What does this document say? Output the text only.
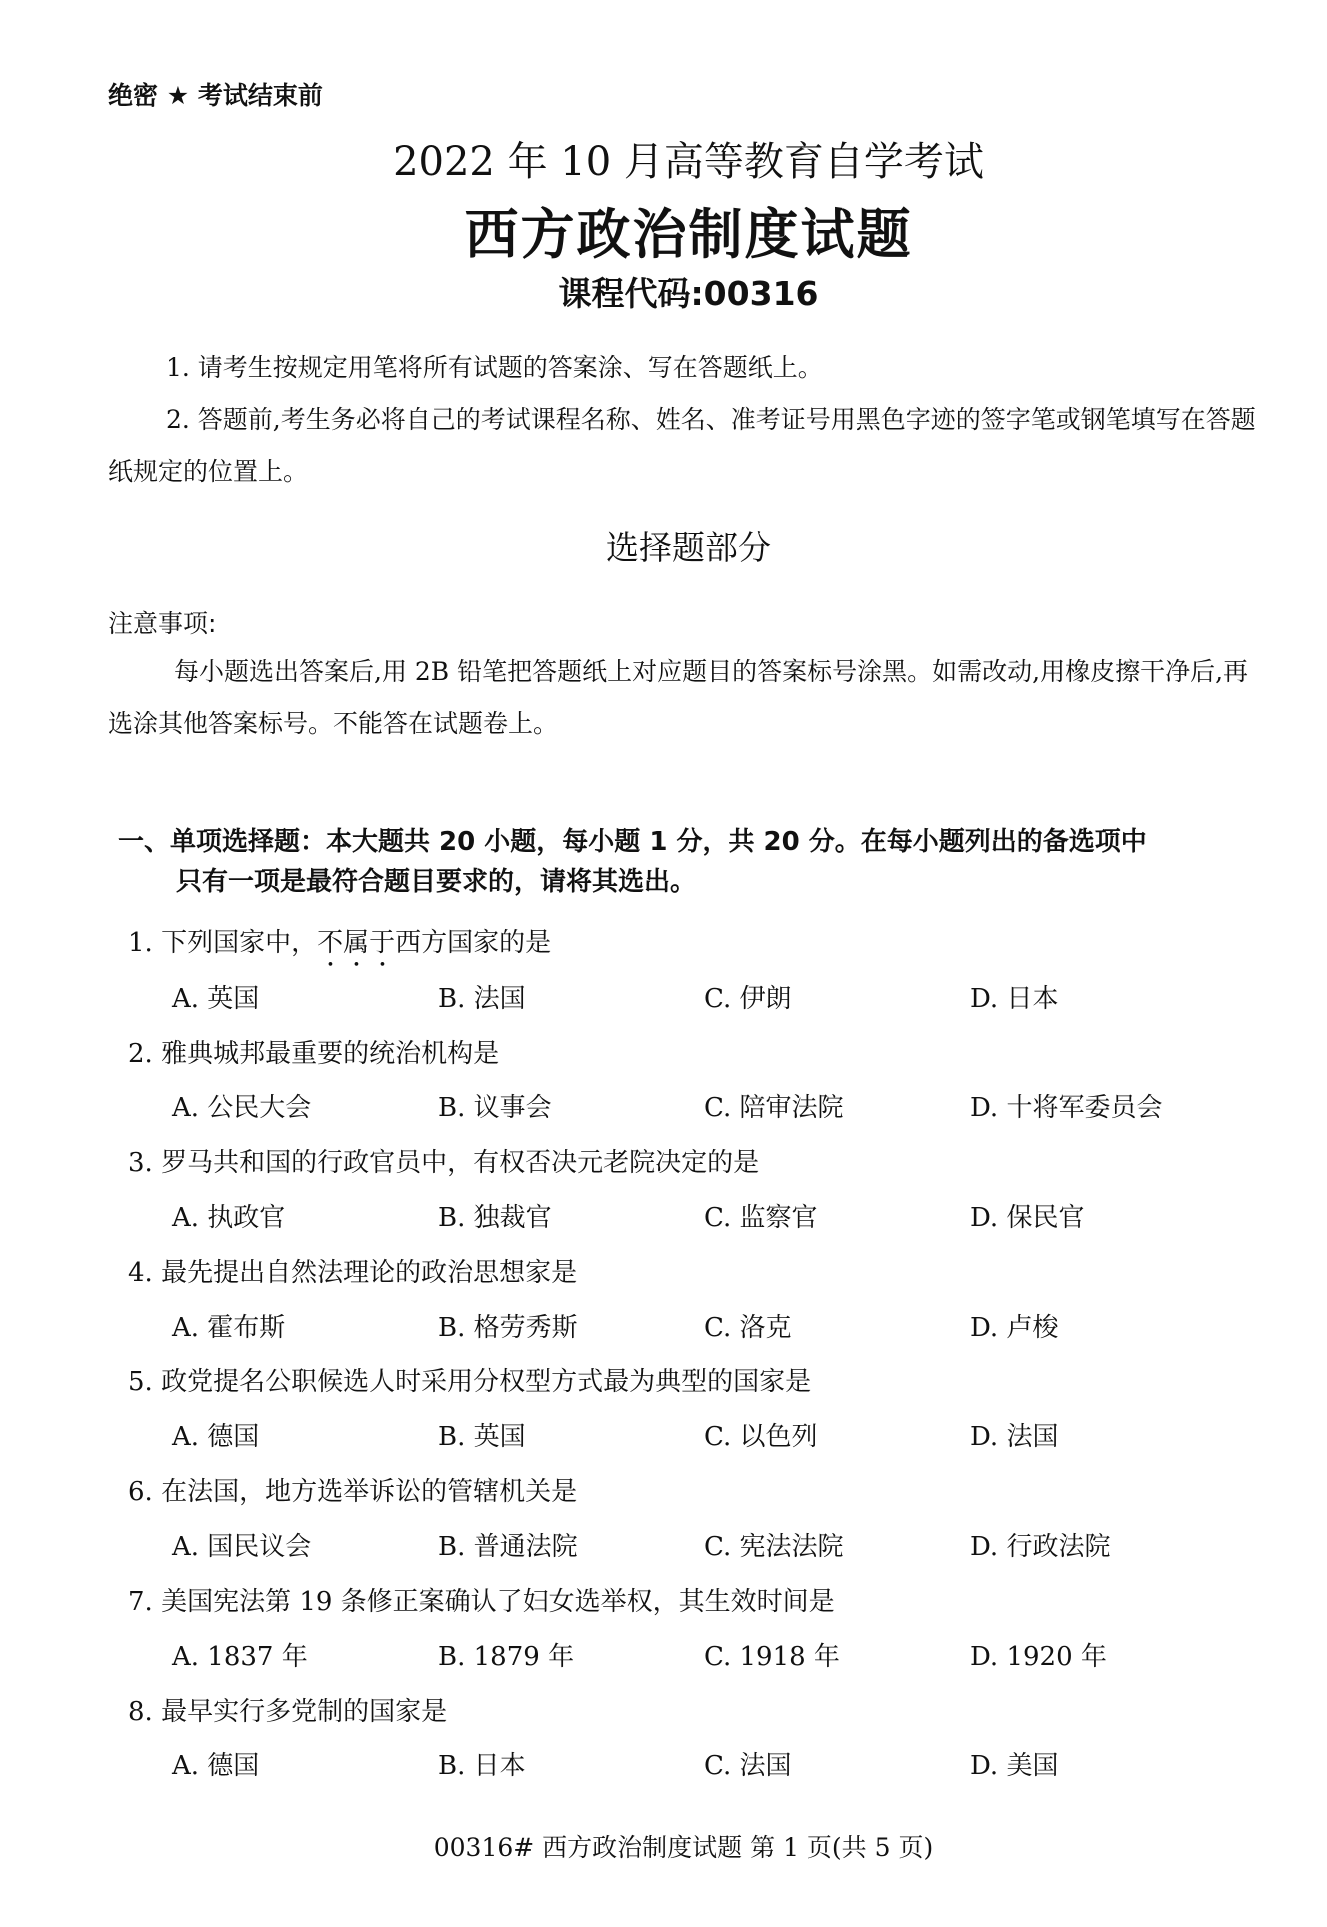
绝密 ★ 考试结束前
2022 年 10 月高等教育自学考试
西方政治制度试题
课程代码:00316
1. 请考生按规定用笔将所有试题的答案涂、写在答题纸上。
2. 答题前,考生务必将自己的考试课程名称、姓名、准考证号用黑色字迹的签字笔或钢笔填写在答题纸规定的位置上。
选择题部分
注意事项:
每小题选出答案后,用 2B 铅笔把答题纸上对应题目的答案标号涂黑。如需改动,用橡皮擦干净后,再选涂其他答案标号。不能答在试题卷上。
一、单项选择题：本大题共 20 小题，每小题 1 分，共 20 分。在每小题列出的备选项中
只有一项是最符合题目要求的，请将其选出。
1. 下列国家中，不属于西方国家的是
A. 英国	B. 法国	C. 伊朗	D. 日本
2. 雅典城邦最重要的统治机构是
A. 公民大会	B. 议事会	C. 陪审法院	D. 十将军委员会
3. 罗马共和国的行政官员中，有权否决元老院决定的是
A. 执政官	B. 独裁官	C. 监察官	D. 保民官
4. 最先提出自然法理论的政治思想家是
A. 霍布斯	B. 格劳秀斯	C. 洛克	D. 卢梭
5. 政党提名公职候选人时采用分权型方式最为典型的国家是
A. 德国	B. 英国	C. 以色列	D. 法国
6. 在法国，地方选举诉讼的管辖机关是
A. 国民议会	B. 普通法院	C. 宪法法院	D. 行政法院
7. 美国宪法第 19 条修正案确认了妇女选举权，其生效时间是
A. 1837 年	B. 1879 年	C. 1918 年	D. 1920 年
8. 最早实行多党制的国家是
A. 德国	B. 日本	C. 法国	D. 美国
00316# 西方政治制度试题 第 1 页(共 5 页)
